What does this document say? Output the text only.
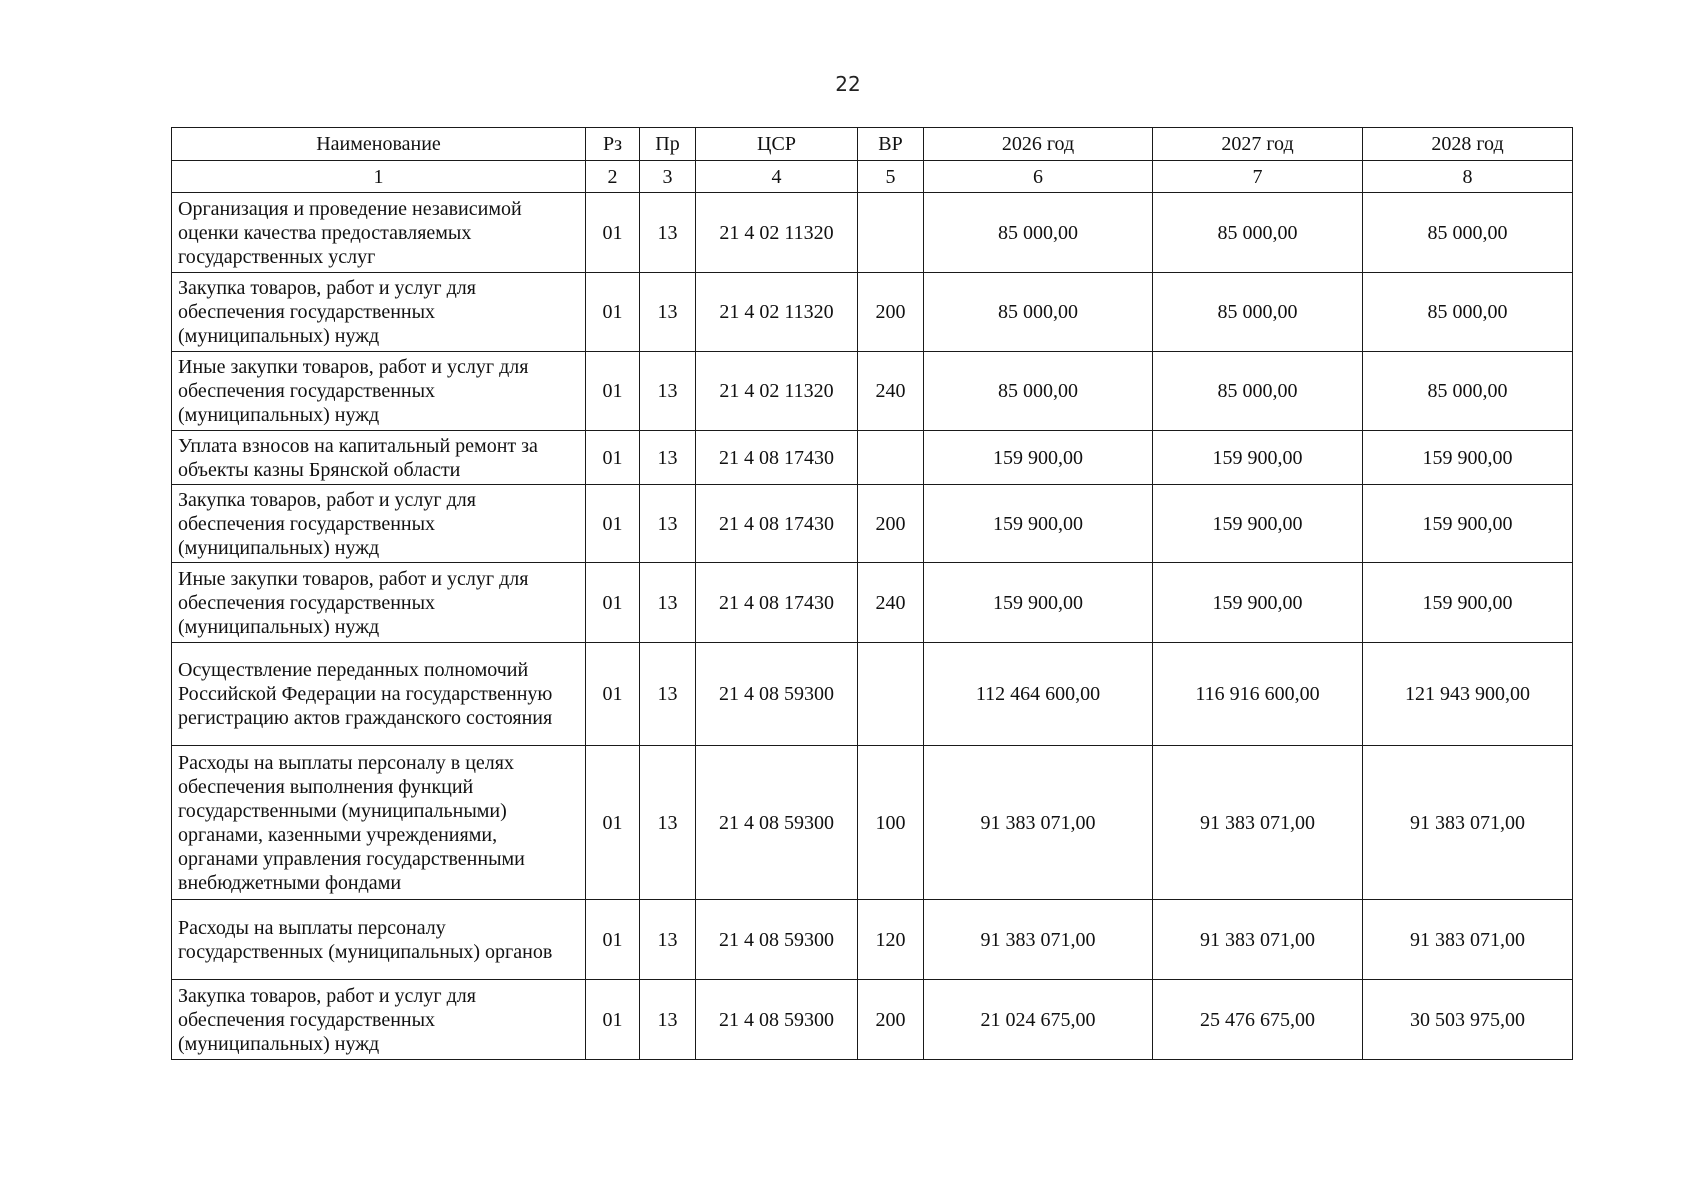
22
Наименование	Рз	Пр	ЦСР	ВР	2026 год	2027 год	2028 год
1	2	3	4	5	6	7	8
Организация и проведение независимой оценки качества предоставляемых государственных услуг	01	13	21 4 02 11320		85 000,00	85 000,00	85 000,00
Закупка товаров, работ и услуг для обеспечения государственных (муниципальных) нужд	01	13	21 4 02 11320	200	85 000,00	85 000,00	85 000,00
Иные закупки товаров, работ и услуг для обеспечения государственных (муниципальных) нужд	01	13	21 4 02 11320	240	85 000,00	85 000,00	85 000,00
Уплата взносов на капитальный ремонт за объекты казны Брянской области	01	13	21 4 08 17430		159 900,00	159 900,00	159 900,00
Закупка товаров, работ и услуг для обеспечения государственных (муниципальных) нужд	01	13	21 4 08 17430	200	159 900,00	159 900,00	159 900,00
Иные закупки товаров, работ и услуг для обеспечения государственных (муниципальных) нужд	01	13	21 4 08 17430	240	159 900,00	159 900,00	159 900,00
Осуществление переданных полномочий Российской Федерации на государственную регистрацию актов гражданского состояния	01	13	21 4 08 59300		112 464 600,00	116 916 600,00	121 943 900,00
Расходы на выплаты персоналу в целях обеспечения выполнения функций государственными (муниципальными) органами, казенными учреждениями, органами управления государственными внебюджетными фондами	01	13	21 4 08 59300	100	91 383 071,00	91 383 071,00	91 383 071,00
Расходы на выплаты персоналу государственных (муниципальных) органов	01	13	21 4 08 59300	120	91 383 071,00	91 383 071,00	91 383 071,00
Закупка товаров, работ и услуг для обеспечения государственных (муниципальных) нужд	01	13	21 4 08 59300	200	21 024 675,00	25 476 675,00	30 503 975,00
